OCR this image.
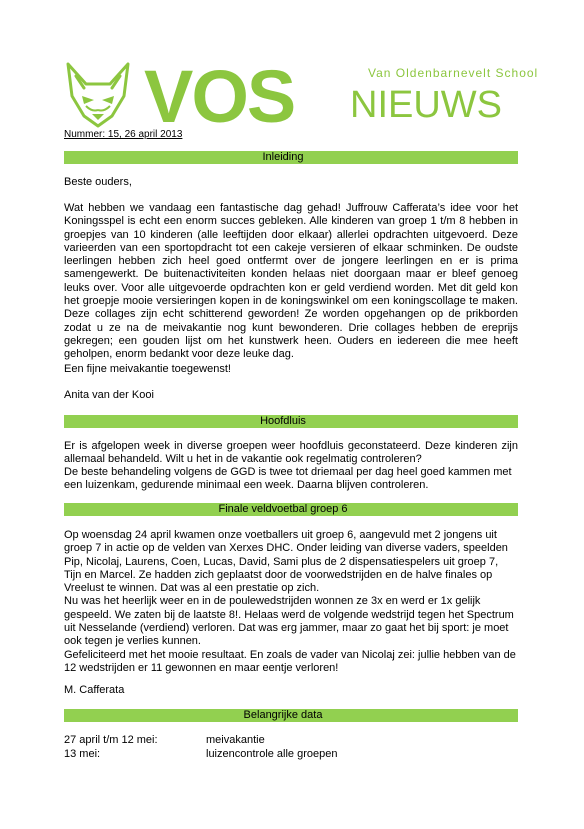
VOS	Van Oldenbarnevelt School
NIEUWS
Nummer: 15, 26 april 2013
Inleiding

Beste ouders,

Wat hebben we vandaag een fantastische dag gehad! Juffrouw Cafferata’s idee voor het Koningsspel is echt een enorm succes gebleken. Alle kinderen van groep 1 t/m 8 hebben in groepjes van 10 kinderen (alle leeftijden door elkaar) allerlei opdrachten uitgevoerd. Deze varieerden van een sportopdracht tot een cakeje versieren of elkaar schminken. De oudste leerlingen hebben zich heel goed ontfermt over de jongere leerlingen en er is prima samengewerkt. De buitenactiviteiten konden helaas niet doorgaan maar er bleef genoeg leuks over. Voor alle uitgevoerde opdrachten kon er geld verdiend worden. Met dit geld kon het groepje mooie versieringen kopen in de koningswinkel om een koningscollage te maken. Deze collages zijn echt schitterend geworden! Ze worden opgehangen op de prikborden zodat u ze na de meivakantie nog kunt bewonderen. Drie collages hebben de ereprijs gekregen; een gouden lijst om het kunstwerk heen. Ouders en iedereen die mee heeft geholpen, enorm bedankt voor deze leuke dag.

Een fijne meivakantie toegewenst!

Anita van der Kooi

Hoofdluis

Er is afgelopen week in diverse groepen weer hoofdluis geconstateerd. Deze kinderen zijn allemaal behandeld. Wilt u het in de vakantie ook regelmatig controleren?

De beste behandeling volgens de GGD is twee tot driemaal per dag heel goed kammen met een luizenkam, gedurende minimaal een week. Daarna blijven controleren.

Finale veldvoetbal groep 6
Op woensdag 24 april kwamen onze voetballers uit groep 6, aangevuld met 2 jongens uit
groep 7 in actie op de velden van Xerxes DHC. Onder leiding van diverse vaders, speelden
Pip, Nicolaj, Laurens, Coen, Lucas, David, Sami plus de 2 dispensatiespelers uit groep 7,
Tijn en Marcel. Ze hadden zich geplaatst door de voorwedstrijden en de halve finales op
Vreelust te winnen. Dat was al een prestatie op zich.
Nu was het heerlijk weer en in de poulewedstrijden wonnen ze 3x en werd er 1x gelijk
gespeeld. We zaten bij de laatste 8!. Helaas werd de volgende wedstrijd tegen het Spectrum
uit Nesselande (verdiend) verloren. Dat was erg jammer, maar zo gaat het bij sport: je moet
ook tegen je verlies kunnen.
Gefeliciteerd met het mooie resultaat. En zoals de vader van Nicolaj zei: jullie hebben van de
12 wedstrijden er 11 gewonnen en maar eentje verloren!

M. Cafferata

Belangrijke data
27 april t/m 12 mei:	meivakantie
13 mei:	luizencontrole alle groepen
